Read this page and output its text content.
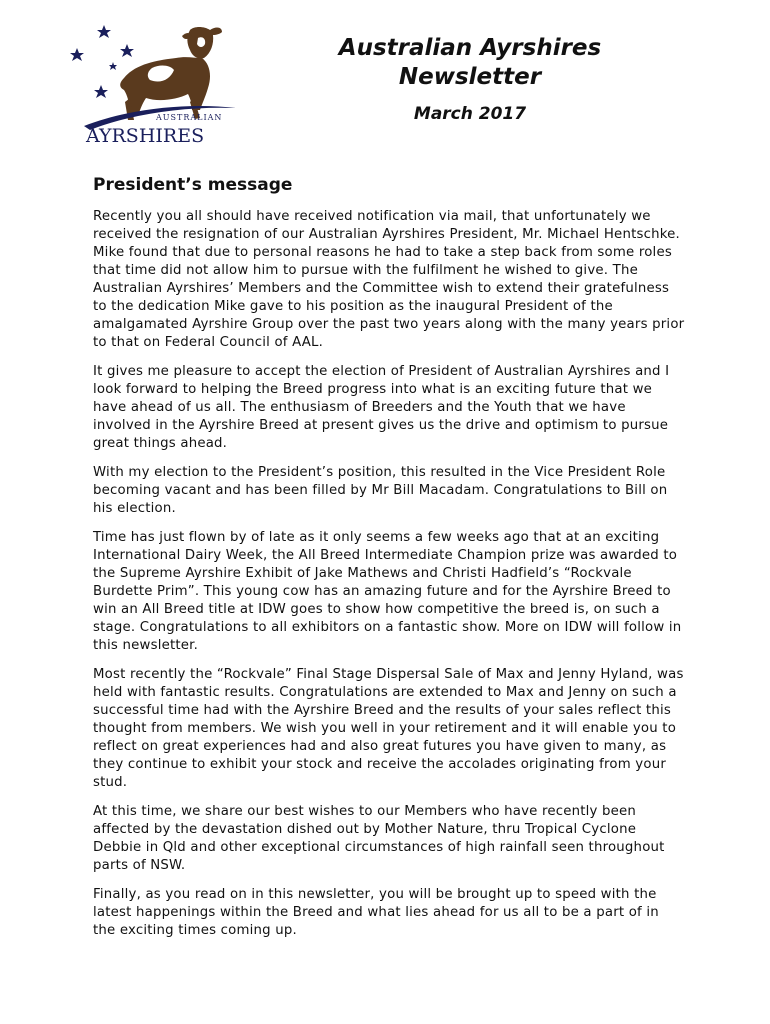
AUSTRALIAN
AYRSHIRES
Australian Ayrshires
Newsletter
March 2017
President’s message

Recently you all should have received notification via mail, that unfortunately we received the resignation of our Australian Ayrshires President, Mr. Michael Hentschke. Mike found that due to personal reasons he had to take a step back from some roles that time did not allow him to pursue with the fulfilment he wished to give. The Australian Ayrshires’ Members and the Committee wish to extend their gratefulness to the dedication Mike gave to his position as the inaugural President of the amalgamated Ayrshire Group over the past two years along with the many years prior to that on Federal Council of AAL.

It gives me pleasure to accept the election of President of Australian Ayrshires and I look forward to helping the Breed progress into what is an exciting future that we have ahead of us all. The enthusiasm of Breeders and the Youth that we have involved in the Ayrshire Breed at present gives us the drive and optimism to pursue great things ahead.

With my election to the President’s position, this resulted in the Vice President Role becoming vacant and has been filled by Mr Bill Macadam. Congratulations to Bill on his election.

Time has just flown by of late as it only seems a few weeks ago that at an exciting International Dairy Week, the All Breed Intermediate Champion prize was awarded to the Supreme Ayrshire Exhibit of Jake Mathews and Christi Hadfield’s “Rockvale Burdette Prim”. This young cow has an amazing future and for the Ayrshire Breed to win an All Breed title at IDW goes to show how competitive the breed is, on such a stage. Congratulations to all exhibitors on a fantastic show. More on IDW will follow in this newsletter.

Most recently the “Rockvale” Final Stage Dispersal Sale of Max and Jenny Hyland, was held with fantastic results. Congratulations are extended to Max and Jenny on such a successful time had with the Ayrshire Breed and the results of your sales reflect this thought from members. We wish you well in your retirement and it will enable you to reflect on great experiences had and also great futures you have given to many, as they continue to exhibit your stock and receive the accolades originating from your stud.

At this time, we share our best wishes to our Members who have recently been affected by the devastation dished out by Mother Nature, thru Tropical Cyclone Debbie in Qld and other exceptional circumstances of high rainfall seen throughout parts of NSW.

Finally, as you read on in this newsletter, you will be brought up to speed with the latest happenings within the Breed and what lies ahead for us all to be a part of in the exciting times coming up.
